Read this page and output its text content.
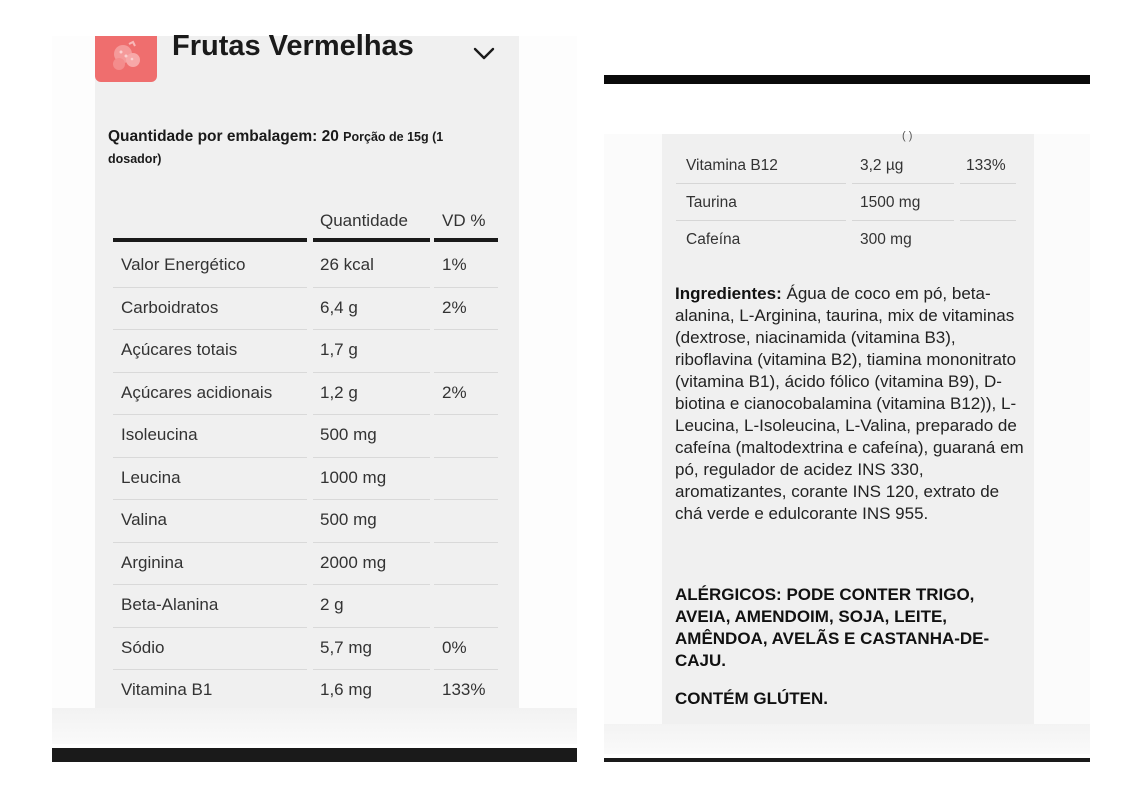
Frutas Vermelhas
Quantidade por embalagem: 20 Porção de 15g (1
dosador)
Quantidade VD %
Valor Energético	26 kcal	1%
Carboidratos	6,4 g	2%
Açúcares totais	1,7 g
Açúcares acidionais	1,2 g	2%
Isoleucina	500 mg
Leucina	1000 mg
Valina	500 mg
Arginina	2000 mg
Beta-Alanina	2 g
Sódio	5,7 mg	0%
Vitamina B1	1,6 mg	133%
( )
Vitamina B12	3,2 µg	133%
Taurina	1500 mg
Cafeína	300 mg
Ingredientes: Água de coco em pó, beta-alanina, L-Arginina, taurina, mix de vitaminas (dextrose, niacinamida (vitamina B3), riboflavina (vitamina B2), tiamina mononitrato (vitamina B1), ácido fólico (vitamina B9), D-biotina e cianocobalamina (vitamina B12)), L-Leucina, L-Isoleucina, L-Valina, preparado de cafeína (maltodextrina e cafeína), guaraná em pó, regulador de acidez INS 330, aromatizantes, corante INS 120, extrato de chá verde e edulcorante INS 955.
ALÉRGICOS: PODE CONTER TRIGO, AVEIA, AMENDOIM, SOJA, LEITE, AMÊNDOA, AVELÃS E CASTANHA-DE-CAJU.
CONTÉM GLÚTEN.
